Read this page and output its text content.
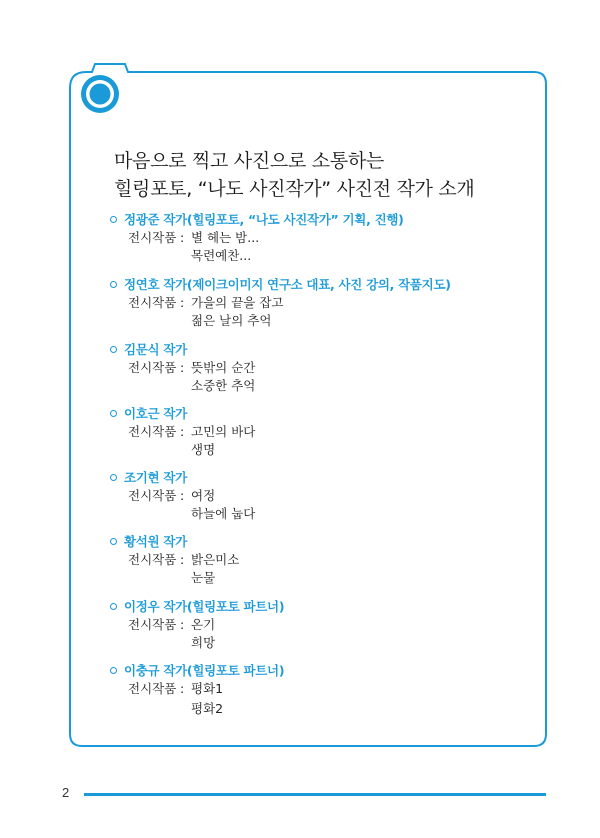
마음으로 찍고 사진으로 소통하는
힐링포토, “나도 사진작가” 사진전 작가 소개
정광준 작가(힐링포토, “나도 사진작가” 기획, 진행)
전시작품 : 별 헤는 밤...
목련예찬...
정연호 작가(제이크이미지 연구소 대표, 사진 강의, 작품지도)
전시작품 : 가을의 끝을 잡고
젊은 날의 추억
김문식 작가
전시작품 : 뜻밖의 순간
소중한 추억
이호근 작가
전시작품 : 고민의 바다
생명
조기현 작가
전시작품 : 여정
하늘에 눕다
황석원 작가
전시작품 : 밝은미소
눈물
이정우 작가(힐링포토 파트너)
전시작품 : 온기
희망
이충규 작가(힐링포토 파트너)
전시작품 : 평화1
평화2
2
